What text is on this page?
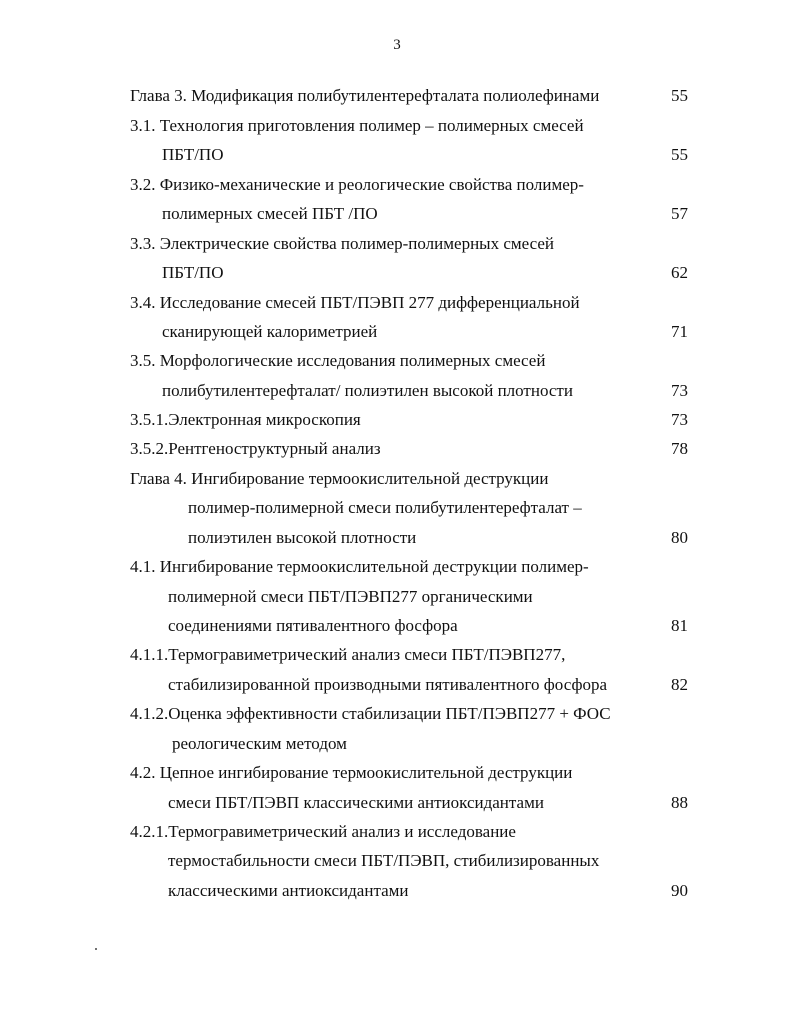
3
Глава 3. Модификация полибутилентерефталата полиолефинами	55
3.1. Технология приготовления полимер – полимерных смесей
ПБТ/ПО	55
3.2. Физико-механические и реологические свойства полимер-
полимерных смесей ПБТ /ПО	57
3.3. Электрические свойства полимер-полимерных смесей
ПБТ/ПО	62
3.4. Исследование смесей ПБТ/ПЭВП 277 дифференциальной
сканирующей калориметрией	71
3.5. Морфологические исследования полимерных смесей
полибутилентерефталат/ полиэтилен высокой плотности	73
3.5.1.Электронная микроскопия	73
3.5.2.Рентгеноструктурный анализ	78
Глава 4. Ингибирование термоокислительной деструкции
полимер-полимерной смеси полибутилентерефталат –
полиэтилен высокой плотности	80
4.1. Ингибирование термоокислительной деструкции полимер-
полимерной смеси ПБТ/ПЭВП277 органическими
соединениями пятивалентного фосфора	81
4.1.1.Термогравиметрический анализ смеси ПБТ/ПЭВП277,
стабилизированной производными пятивалентного фосфора	82
4.1.2.Оценка эффективности стабилизации ПБТ/ПЭВП277 + ФОС
реологическим методом
4.2. Цепное ингибирование термоокислительной деструкции
смеси ПБТ/ПЭВП классическими антиоксидантами	88
4.2.1.Термогравиметрический анализ и исследование
термостабильности смеси ПБТ/ПЭВП, стибилизированных
классическими антиоксидантами	90
